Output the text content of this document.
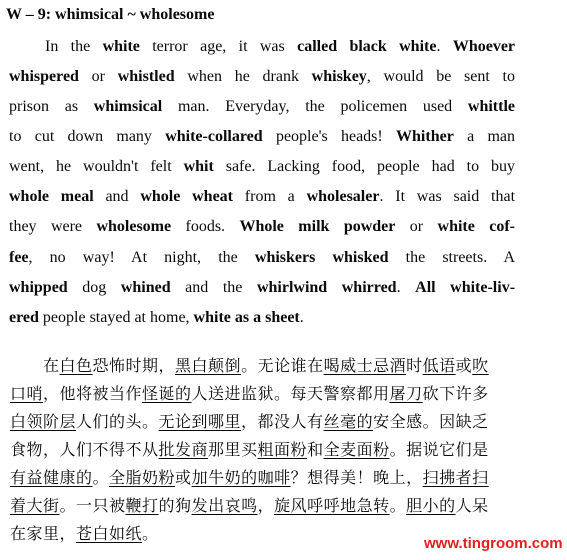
W – 9: whimsical ~ wholesome
In the white terror age, it was called black white. Whoever
whispered or whistled when he drank whiskey, would be sent to
prison as whimsical man. Everyday, the policemen used whittle
to cut down many white-collared people's heads! Whither a man
went, he wouldn't felt whit safe. Lacking food, people had to buy
whole meal and whole wheat from a wholesaler. It was said that
they were wholesome foods. Whole milk powder or white cof-
fee, no way! At night, the whiskers whisked the streets. A
whipped dog whined and the whirlwind whirred. All white-liv-
ered people stayed at home, white as a sheet.
在白色恐怖时期，黑白颠倒。无论谁在喝威士忌酒时低语或吹
口哨，他将被当作怪诞的人送进监狱。每天警察都用屠刀砍下许多
白领阶层人们的头。无论到哪里，都没人有丝毫的安全感。因缺乏
食物，人们不得不从批发商那里买粗面粉和全麦面粉。据说它们是
有益健康的。全脂奶粉或加牛奶的咖啡？想得美！晚上，扫拂者扫
着大街。一只被鞭打的狗发出哀鸣，旋风呼呼地急转。胆小的人呆
在家里，苍白如纸。
www.tingroom.com
